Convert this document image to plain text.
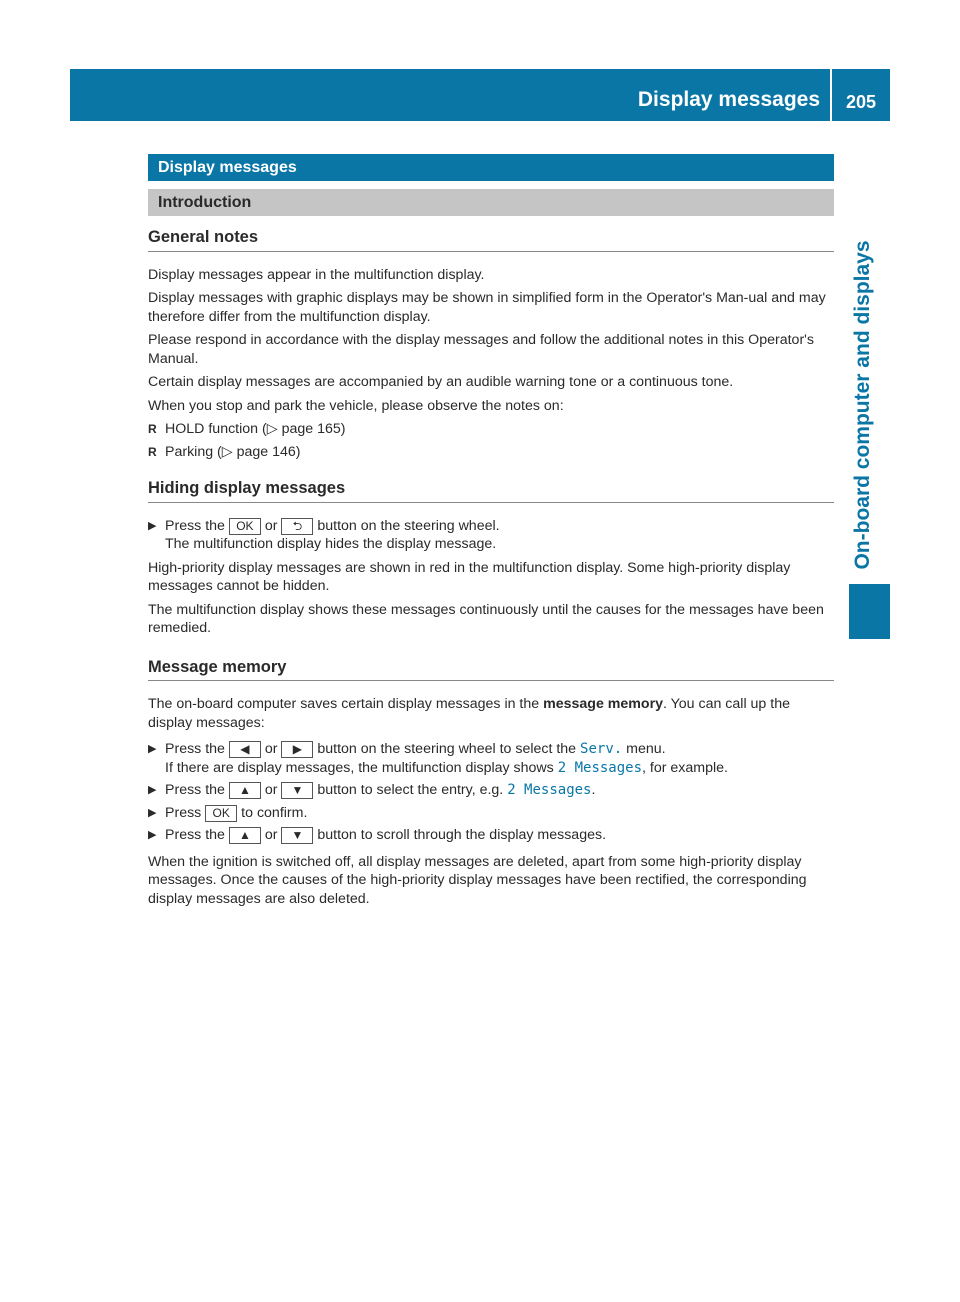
Display messages	205
On-board computer and displays
Display messages
Introduction
General notes

Display messages appear in the multifunction display.

Display messages with graphic displays may be shown in simplified form in the Operator's Man-ual and may therefore differ from the multifunction display.

Please respond in accordance with the display messages and follow the additional notes in this Operator's Manual.

Certain display messages are accompanied by an audible warning tone or a continuous tone.

When you stop and park the vehicle, please observe the notes on:

R HOLD function (▷ page 165)
R Parking (▷ page 146)
Hiding display messages
▶ Press the OK or ⮌ button on the steering wheel.
The multifunction display hides the display message.

High-priority display messages are shown in red in the multifunction display. Some high-priority display messages cannot be hidden.

The multifunction display shows these messages continuously until the causes for the messages have been remedied.

Message memory

The on-board computer saves certain display messages in the message memory. You can call up the display messages:

▶ Press the ◀ or ▶ button on the steering wheel to select the Serv. menu.
If there are display messages, the multifunction display shows 2 Messages, for example.
▶ Press the ▲ or ▼ button to select the entry, e.g. 2 Messages.
▶ Press OK to confirm.
▶ Press the ▲ or ▼ button to scroll through the display messages.

When the ignition is switched off, all display messages are deleted, apart from some high-priority display messages. Once the causes of the high-priority display messages have been rectified, the corresponding display messages are also deleted.
